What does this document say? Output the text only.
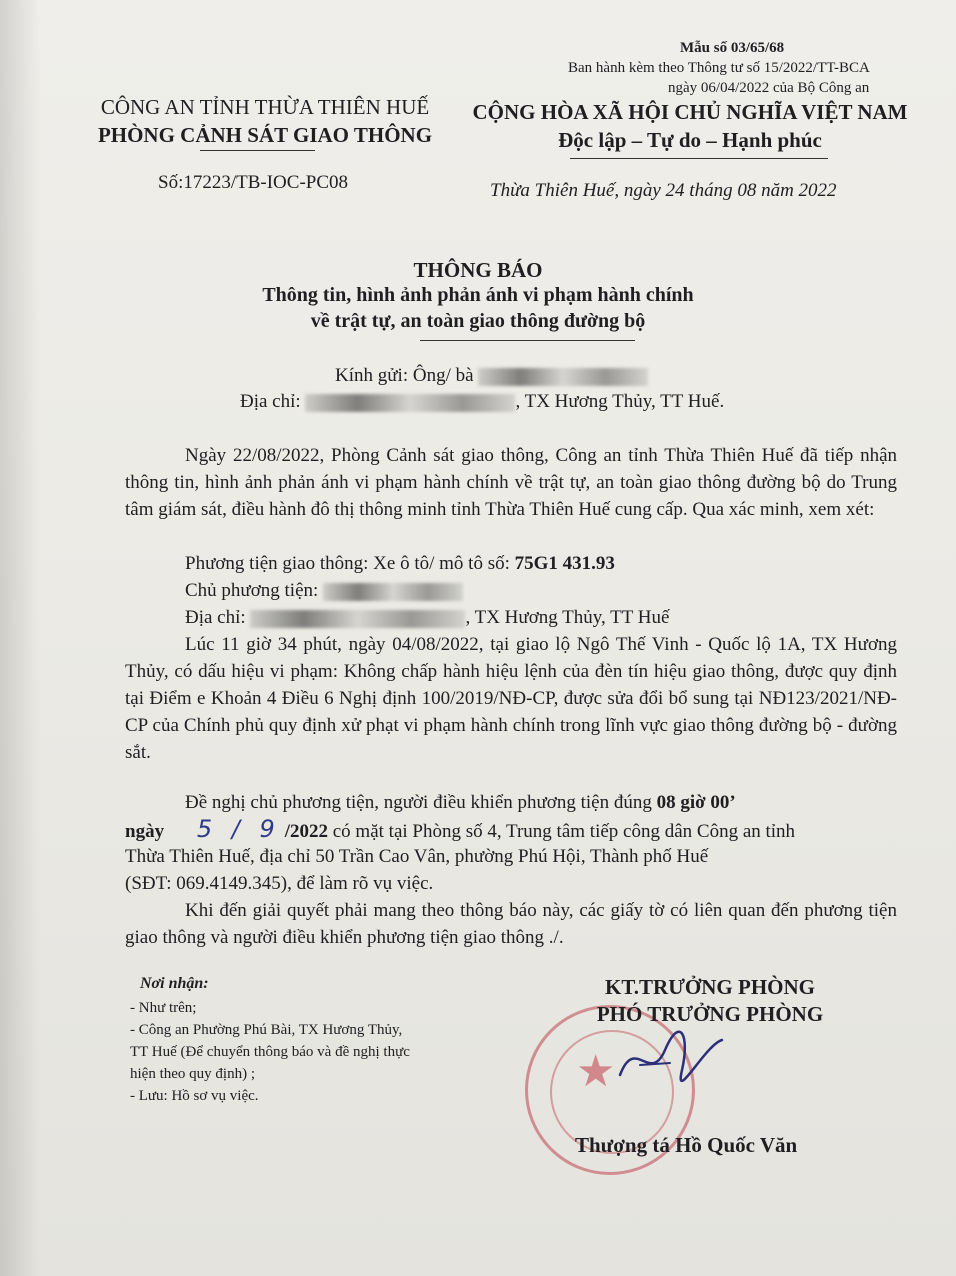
Mẫu số 03/65/68
Ban hành kèm theo Thông tư số 15/2022/TT-BCA
ngày 06/04/2022 của Bộ Công an
CÔNG AN TỈNH THỪA THIÊN HUẾ
PHÒNG CẢNH SÁT GIAO THÔNG
Số:17223/TB-IOC-PC08
CỘNG HÒA XÃ HỘI CHỦ NGHĨA VIỆT NAM
Độc lập – Tự do – Hạnh phúc
Thừa Thiên Huế, ngày 24 tháng 08 năm 2022
THÔNG BÁO
Thông tin, hình ảnh phản ánh vi phạm hành chính
về trật tự, an toàn giao thông đường bộ
Kính gửi: Ông/ bà
Địa chỉ:	, TX Hương Thủy, TT Huế.
Ngày 22/08/2022, Phòng Cảnh sát giao thông, Công an tỉnh Thừa Thiên Huế đã tiếp nhận thông tin, hình ảnh phản ánh vi phạm hành chính về trật tự, an toàn giao thông đường bộ do Trung tâm giám sát, điều hành đô thị thông minh tỉnh Thừa Thiên Huế cung cấp. Qua xác minh, xem xét:
Phương tiện giao thông: Xe ô tô/ mô tô số: 75G1 431.93
Chủ phương tiện:
Địa chỉ:	, TX Hương Thủy, TT Huế
Lúc 11 giờ 34 phút, ngày 04/08/2022, tại giao lộ Ngô Thế Vinh - Quốc lộ 1A, TX Hương Thủy, có dấu hiệu vi phạm: Không chấp hành hiệu lệnh của đèn tín hiệu giao thông, được quy định tại Điểm e Khoản 4 Điều 6 Nghị định 100/2019/NĐ-CP, được sửa đổi bổ sung tại NĐ123/2021/NĐ-CP của Chính phủ quy định xử phạt vi phạm hành chính trong lĩnh vực giao thông đường bộ - đường sắt.
Đề nghị chủ phương tiện, người điều khiển phương tiện đúng 08 giờ 00’
ngày 5 / 9 /2022 có mặt tại Phòng số 4, Trung tâm tiếp công dân Công an tỉnh
Thừa Thiên Huế, địa chỉ 50 Trần Cao Vân, phường Phú Hội, Thành phố Huế
(SĐT: 069.4149.345), để làm rõ vụ việc.
Khi đến giải quyết phải mang theo thông báo này, các giấy tờ có liên quan đến phương tiện giao thông và người điều khiển phương tiện giao thông ./.
Nơi nhận:
- Như trên;
- Công an Phường Phú Bài, TX Hương Thủy,
TT Huế (Để chuyển thông báo và đề nghị thực
hiện theo quy định) ;
- Lưu: Hồ sơ vụ việc.	★
KT.TRƯỞNG PHÒNG
PHÓ TRƯỞNG PHÒNG
Thượng tá Hồ Quốc Văn
